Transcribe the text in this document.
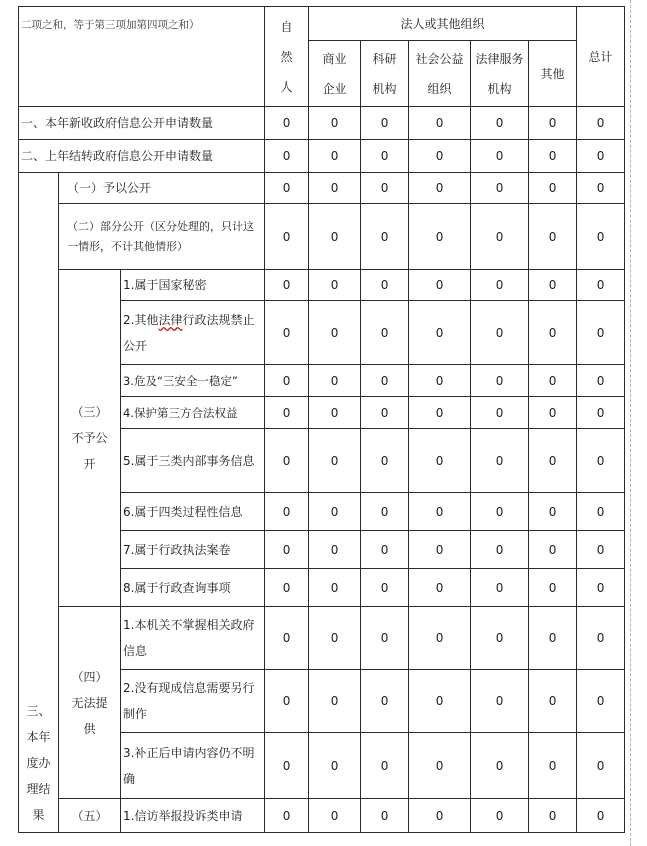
二项之和，等于第三项加第四项之和）			自然人	法人或其他组织					总计
				商业企业	科研机构	社会公益组织	法律服务机构	其他	

一、本年新收政府信息公开申请数量			0	0	0	0	0	0	0
二、上年结转政府信息公开申请数量			0	0	0	0	0	0	0
三、本年度办理结果	（一）予以公开		0	0	0	0	0	0	0
	（二）部分公开（区分处理的，只计这一情形，不计其他情形）		0	0	0	0	0	0	0
	（三）不予公开	1.属于国家秘密	0	0	0	0	0	0	0
		2.其他法律行政法规禁止公开	0	0	0	0	0	0	0
		3.危及“三安全一稳定”	0	0	0	0	0	0	0
		4.保护第三方合法权益	0	0	0	0	0	0	0
		5.属于三类内部事务信息	0	0	0	0	0	0	0
		6.属于四类过程性信息	0	0	0	0	0	0	0
		7.属于行政执法案卷	0	0	0	0	0	0	0
		8.属于行政查询事项	0	0	0	0	0	0	0
	（四）无法提供	1.本机关不掌握相关政府信息	0	0	0	0	0	0	0
		2.没有现成信息需要另行制作	0	0	0	0	0	0	0
		3.补正后申请内容仍不明确	0	0	0	0	0	0	0
	（五）	1.信访举报投诉类申请	0	0	0	0	0	0	0
